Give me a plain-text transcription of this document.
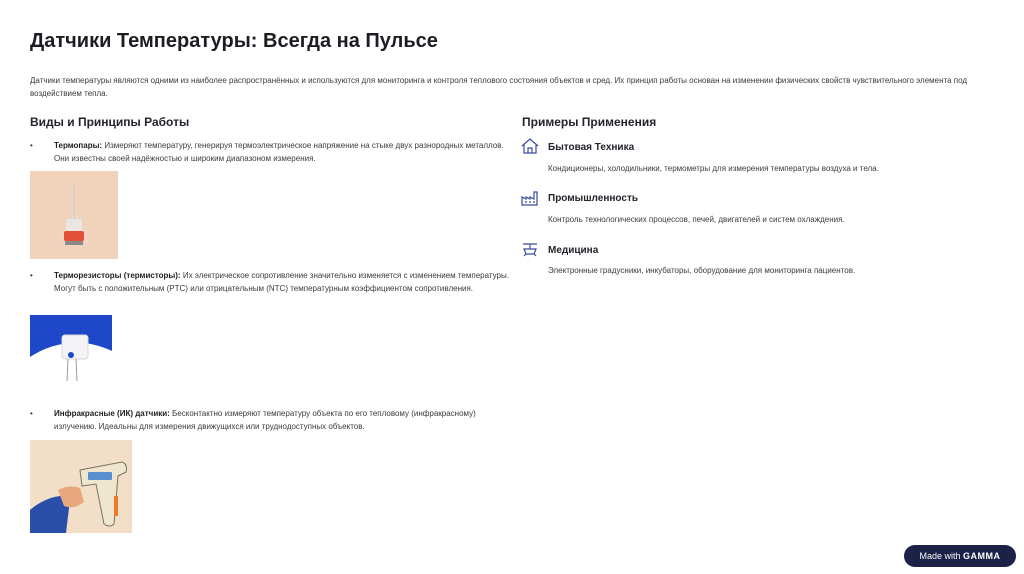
Датчики Температуры: Всегда на Пульсе

Датчики температуры являются одними из наиболее распространённых и используются для мониторинга и контроля теплового состояния объектов и сред. Их принцип работы основан на изменении физических свойств чувствительного элемента под воздействием тепла.

Виды и Принципы Работы
•	Термопары: Измеряют температуру, генерируя термоэлектрическое напряжение на стыке двух разнородных металлов. Они известны своей надёжностью и широким диапазоном измерения.
•	Терморезисторы (термисторы): Их электрическое сопротивление значительно изменяется с изменением температуры. Могут быть с положительным (PTC) или отрицательным (NTC) температурным коэффициентом сопротивления.
•	Инфракрасные (ИК) датчики: Бесконтактно измеряют температуру объекта по его тепловому (инфракрасному) излучению. Идеальны для измерения движущихся или труднодоступных объектов.
Примеры Применения
Бытовая Техника
Кондиционеры, холодильники, термометры для измерения температуры воздуха и тела.
Промышленность
Контроль технологических процессов, печей, двигателей и систем охлаждения.
Медицина
Электронные градусники, инкубаторы, оборудование для мониторинга пациентов.
Made with GAMMA
